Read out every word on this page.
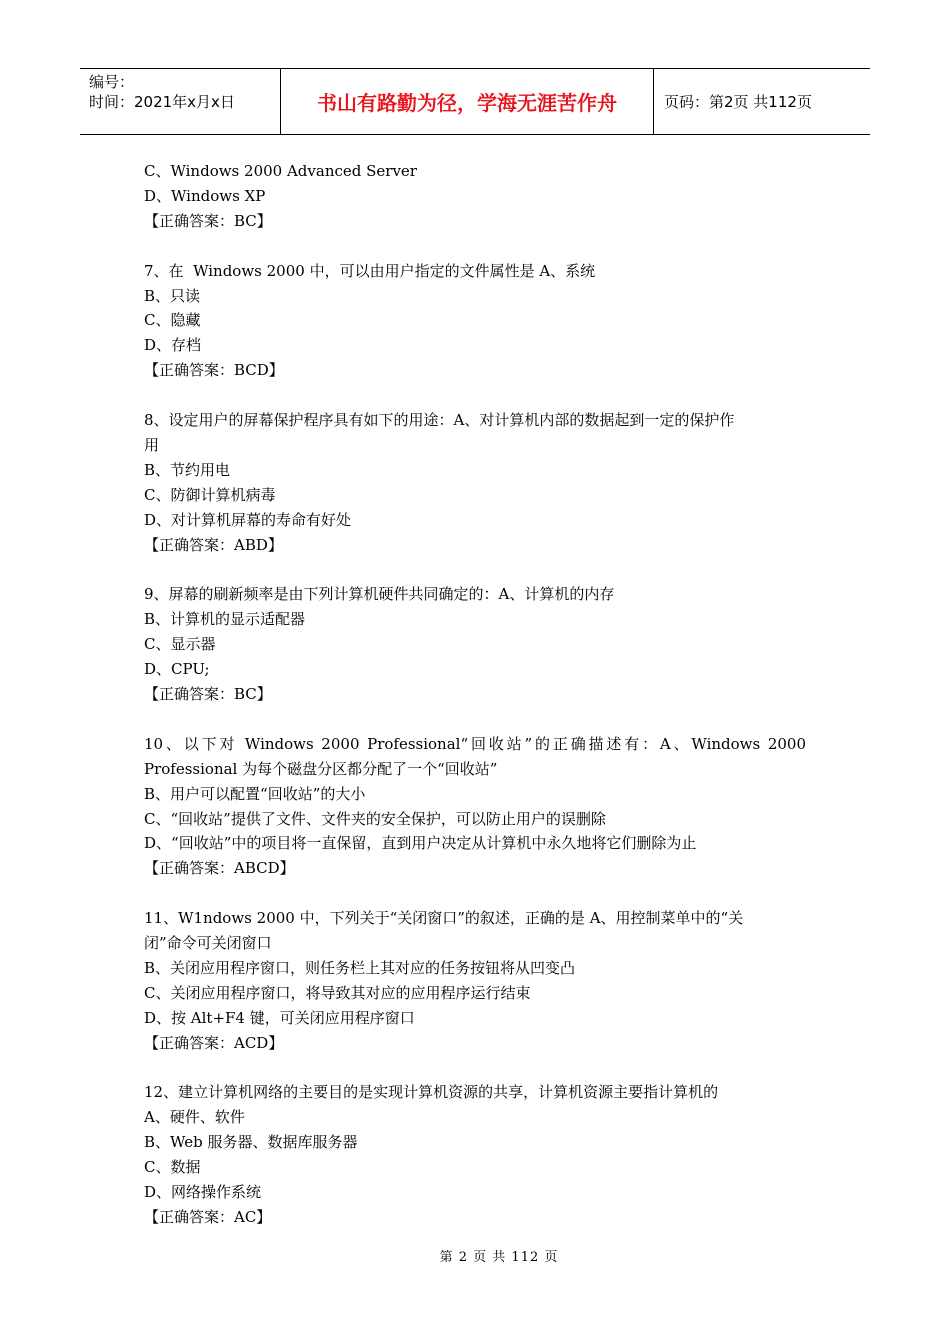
编号：
时间：2021年x月x日	书山有路勤为径，学海无涯苦作舟	页码：第2页 共112页
C、Windows 2000 Advanced Server
D、Windows XP
【正确答案：BC】
7、在  Windows 2000 中，可以由用户指定的文件属性是 A、系统
B、只读
C、隐藏
D、存档
【正确答案：BCD】
8、设定用户的屏幕保护程序具有如下的用途：A、对计算机内部的数据起到一定的保护作
用
B、节约用电
C、防御计算机病毒
D、对计算机屏幕的寿命有好处
【正确答案：ABD】
9、屏幕的刷新频率是由下列计算机硬件共同确定的：A、计算机的内存
B、计算机的显示适配器
C、显示器
D、CPU;
【正确答案：BC】
10、以下对 Windows 2000 Professional“回收站”的正确描述有：A、Windows 2000
Professional 为每个磁盘分区都分配了一个“回收站”
B、用户可以配置“回收站”的大小
C、“回收站”提供了文件、文件夹的安全保护，可以防止用户的误删除
D、“回收站”中的项目将一直保留，直到用户决定从计算机中永久地将它们删除为止
【正确答案：ABCD】
11、W1ndows 2000 中，下列关于“关闭窗口”的叙述，正确的是 A、用控制菜单中的“关
闭”命令可关闭窗口
B、关闭应用程序窗口，则任务栏上其对应的任务按钮将从凹变凸
C、关闭应用程序窗口，将导致其对应的应用程序运行结束
D、按 Alt+F4 键，可关闭应用程序窗口
【正确答案：ACD】
12、建立计算机网络的主要目的是实现计算机资源的共享，计算机资源主要指计算机的
A、硬件、软件
B、Web 服务器、数据库服务器
C、数据
D、网络操作系统
【正确答案：AC】
第 2 页 共 112 页
